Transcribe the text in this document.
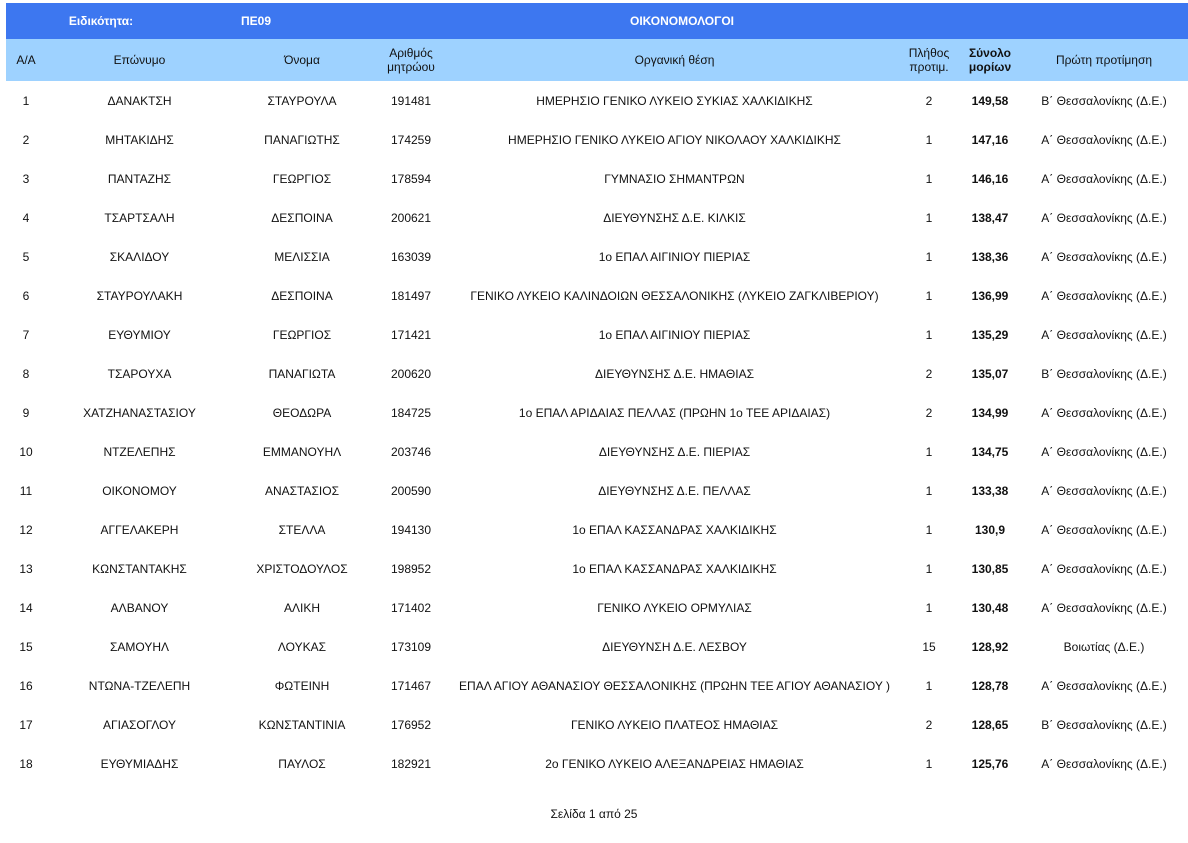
Ειδικότητα:	ΠΕ09	ΟΙΚΟΝΟΜΟΛΟΓΟΙ
Α/Α	Επώνυμο	Όνομα	Αριθμός μητρώου	Οργανική θέση	Πλήθος προτιμ.	Σύνολο μορίων	Πρώτη προτίμηση
1	ΔΑΝΑΚΤΣΗ	ΣΤΑΥΡΟΥΛΑ	191481	ΗΜΕΡΗΣΙΟ ΓΕΝΙΚΟ ΛΥΚΕΙΟ ΣΥΚΙΑΣ ΧΑΛΚΙΔΙΚΗΣ	2	149,58	Β΄ Θεσσαλονίκης (Δ.Ε.)
2	ΜΗΤΑΚΙΔΗΣ	ΠΑΝΑΓΙΩΤΗΣ	174259	ΗΜΕΡΗΣΙΟ ΓΕΝΙΚΟ ΛΥΚΕΙΟ ΑΓΙΟΥ ΝΙΚΟΛΑΟΥ ΧΑΛΚΙΔΙΚΗΣ	1	147,16	Α΄ Θεσσαλονίκης (Δ.Ε.)
3	ΠΑΝΤΑΖΗΣ	ΓΕΩΡΓΙΟΣ	178594	ΓΥΜΝΑΣΙΟ ΣΗΜΑΝΤΡΩΝ	1	146,16	Α΄ Θεσσαλονίκης (Δ.Ε.)
4	ΤΣΑΡΤΣΑΛΗ	ΔΕΣΠΟΙΝΑ	200621	ΔΙΕΥΘΥΝΣΗΣ Δ.Ε. ΚΙΛΚΙΣ	1	138,47	Α΄ Θεσσαλονίκης (Δ.Ε.)
5	ΣΚΑΛΙΔΟΥ	ΜΕΛΙΣΣΙΑ	163039	1ο ΕΠΑΛ ΑΙΓΙΝΙΟΥ ΠΙΕΡΙΑΣ	1	138,36	Α΄ Θεσσαλονίκης (Δ.Ε.)
6	ΣΤΑΥΡΟΥΛΑΚΗ	ΔΕΣΠΟΙΝΑ	181497	ΓΕΝΙΚΟ ΛΥΚΕΙΟ ΚΑΛΙΝΔΟΙΩΝ ΘΕΣΣΑΛΟΝΙΚΗΣ (ΛΥΚΕΙΟ ΖΑΓΚΛΙΒΕΡΙΟΥ)	1	136,99	Α΄ Θεσσαλονίκης (Δ.Ε.)
7	ΕΥΘΥΜΙΟΥ	ΓΕΩΡΓΙΟΣ	171421	1ο ΕΠΑΛ ΑΙΓΙΝΙΟΥ ΠΙΕΡΙΑΣ	1	135,29	Α΄ Θεσσαλονίκης (Δ.Ε.)
8	ΤΣΑΡΟΥΧΑ	ΠΑΝΑΓΙΩΤΑ	200620	ΔΙΕΥΘΥΝΣΗΣ Δ.Ε. ΗΜΑΘΙΑΣ	2	135,07	Β΄ Θεσσαλονίκης (Δ.Ε.)
9	ΧΑΤΖΗΑΝΑΣΤΑΣΙΟΥ	ΘΕΟΔΩΡΑ	184725	1ο ΕΠΑΛ ΑΡΙΔΑΙΑΣ ΠΕΛΛΑΣ (ΠΡΩΗΝ 1ο ΤΕΕ ΑΡΙΔΑΙΑΣ)	2	134,99	Α΄ Θεσσαλονίκης (Δ.Ε.)
10	ΝΤΖΕΛΕΠΗΣ	ΕΜΜΑΝΟΥΗΛ	203746	ΔΙΕΥΘΥΝΣΗΣ Δ.Ε. ΠΙΕΡΙΑΣ	1	134,75	Α΄ Θεσσαλονίκης (Δ.Ε.)
11	ΟΙΚΟΝΟΜΟΥ	ΑΝΑΣΤΑΣΙΟΣ	200590	ΔΙΕΥΘΥΝΣΗΣ Δ.Ε. ΠΕΛΛΑΣ	1	133,38	Α΄ Θεσσαλονίκης (Δ.Ε.)
12	ΑΓΓΕΛΑΚΕΡΗ	ΣΤΕΛΛΑ	194130	1ο ΕΠΑΛ ΚΑΣΣΑΝΔΡΑΣ ΧΑΛΚΙΔΙΚΗΣ	1	130,9	Α΄ Θεσσαλονίκης (Δ.Ε.)
13	ΚΩΝΣΤΑΝΤΑΚΗΣ	ΧΡΙΣΤΟΔΟΥΛΟΣ	198952	1ο ΕΠΑΛ ΚΑΣΣΑΝΔΡΑΣ ΧΑΛΚΙΔΙΚΗΣ	1	130,85	Α΄ Θεσσαλονίκης (Δ.Ε.)
14	ΑΛΒΑΝΟΥ	ΑΛΙΚΗ	171402	ΓΕΝΙΚΟ ΛΥΚΕΙΟ ΟΡΜΥΛΙΑΣ	1	130,48	Α΄ Θεσσαλονίκης (Δ.Ε.)
15	ΣΑΜΟΥΗΛ	ΛΟΥΚΑΣ	173109	ΔΙΕΥΘΥΝΣΗ Δ.Ε. ΛΕΣΒΟΥ	15	128,92	Βοιωτίας (Δ.Ε.)
16	ΝΤΩΝΑ-ΤΖΕΛΕΠΗ	ΦΩΤΕΙΝΗ	171467	ΕΠΑΛ ΑΓΙΟΥ ΑΘΑΝΑΣΙΟΥ ΘΕΣΣΑΛΟΝΙΚΗΣ (ΠΡΩΗΝ ΤΕΕ ΑΓΙΟΥ ΑΘΑΝΑΣΙΟΥ )	1	128,78	Α΄ Θεσσαλονίκης (Δ.Ε.)
17	ΑΓΙΑΣΟΓΛΟΥ	ΚΩΝΣΤΑΝΤΙΝΙΑ	176952	ΓΕΝΙΚΟ ΛΥΚΕΙΟ ΠΛΑΤΕΟΣ ΗΜΑΘΙΑΣ	2	128,65	Β΄ Θεσσαλονίκης (Δ.Ε.)
18	ΕΥΘΥΜΙΑΔΗΣ	ΠΑΥΛΟΣ	182921	2ο ΓΕΝΙΚΟ ΛΥΚΕΙΟ ΑΛΕΞΑΝΔΡΕΙΑΣ ΗΜΑΘΙΑΣ	1	125,76	Α΄ Θεσσαλονίκης (Δ.Ε.)
Σελίδα 1 από 25
